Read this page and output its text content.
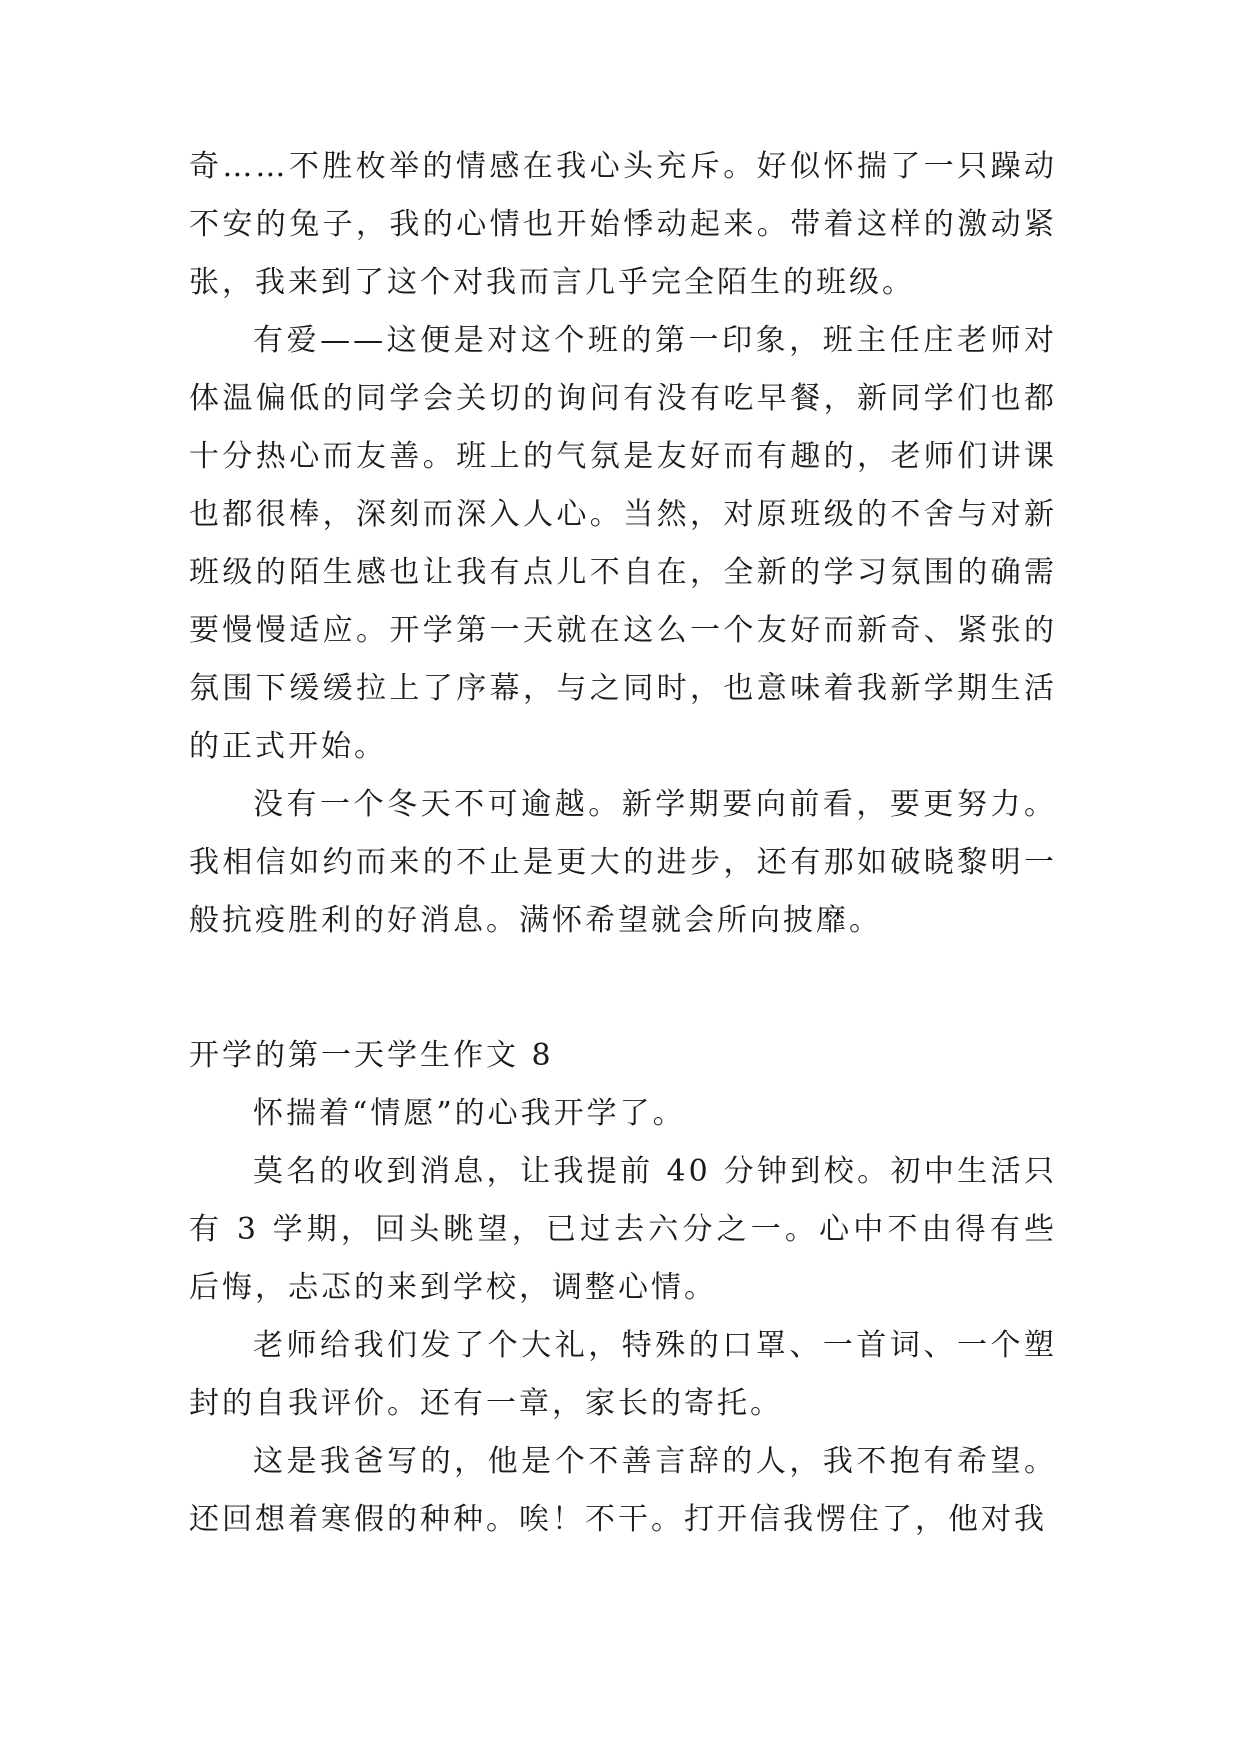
奇……不胜枚举的情感在我心头充斥。好似怀揣了一只躁动不安的兔子，我的心情也开始悸动起来。带着这样的激动紧张，我来到了这个对我而言几乎完全陌生的班级。

有爱——这便是对这个班的第一印象，班主任庄老师对体温偏低的同学会关切的询问有没有吃早餐，新同学们也都十分热心而友善。班上的气氛是友好而有趣的，老师们讲课也都很棒，深刻而深入人心。当然，对原班级的不舍与对新班级的陌生感也让我有点儿不自在，全新的学习氛围的确需要慢慢适应。开学第一天就在这么一个友好而新奇、紧张的氛围下缓缓拉上了序幕，与之同时，也意味着我新学期生活的正式开始。

没有一个冬天不可逾越。新学期要向前看，要更努力。我相信如约而来的不止是更大的进步，还有那如破晓黎明一般抗疫胜利的好消息。满怀希望就会所向披靡。

开学的第一天学生作文 8

怀揣着“情愿”的心我开学了。

莫名的收到消息，让我提前 40 分钟到校。初中生活只有 3 学期，回头眺望，已过去六分之一。心中不由得有些后悔，忐忑的来到学校，调整心情。

老师给我们发了个大礼，特殊的口罩、一首词、一个塑封的自我评价。还有一章，家长的寄托。

这是我爸写的，他是个不善言辞的人，我不抱有希望。还回想着寒假的种种。唉！不干。打开信我愣住了，他对我
